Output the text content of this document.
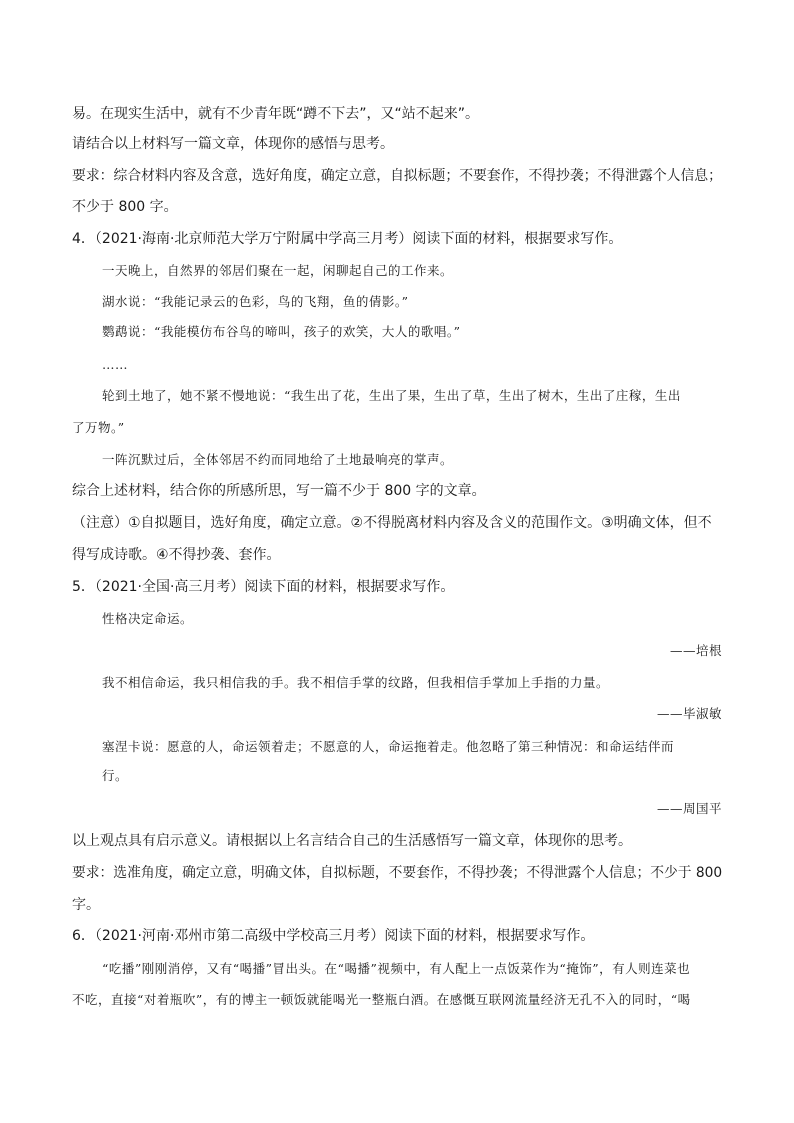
易。在现实生活中，就有不少青年既“蹲不下去”，又“站不起来”。
请结合以上材料写一篇文章，体现你的感悟与思考。
要求：综合材料内容及含意，选好角度，确定立意，自拟标题；不要套作，不得抄袭；不得泄露个人信息；
不少于 800 字。
4．（2021·海南·北京师范大学万宁附属中学高三月考）阅读下面的材料，根据要求写作。
一天晚上，自然界的邻居们聚在一起，闲聊起自己的工作来。
湖水说：“我能记录云的色彩，鸟的飞翔，鱼的倩影。”
鹦鹉说：“我能模仿布谷鸟的啼叫，孩子的欢笑，大人的歌唱。”
……
轮到土地了，她不紧不慢地说：“我生出了花，生出了果，生出了草，生出了树木，生出了庄稼，生出
了万物。”
一阵沉默过后，全体邻居不约而同地给了土地最响亮的掌声。
综合上述材料，结合你的所感所思，写一篇不少于 800 字的文章。
（注意）①自拟题目，选好角度，确定立意。②不得脱离材料内容及含义的范围作文。③明确文体，但不
得写成诗歌。④不得抄袭、套作。
5．（2021·全国·高三月考）阅读下面的材料，根据要求写作。
性格决定命运。
——培根
我不相信命运，我只相信我的手。我不相信手掌的纹路，但我相信手掌加上手指的力量。
——毕淑敏
塞涅卡说：愿意的人，命运领着走；不愿意的人，命运拖着走。他忽略了第三种情况：和命运结伴而
行。
——周国平
以上观点具有启示意义。请根据以上名言结合自己的生活感悟写一篇文章，体现你的思考。
要求：选准角度，确定立意，明确文体，自拟标题，不要套作，不得抄袭；不得泄露个人信息；不少于 800
字。
6．（2021·河南·邓州市第二高级中学校高三月考）阅读下面的材料，根据要求写作。
“吃播”刚刚消停，又有“喝播”冒出头。在“喝播”视频中，有人配上一点饭菜作为“掩饰”，有人则连菜也
不吃，直接“对着瓶吹”，有的博主一顿饭就能喝光一整瓶白酒。在感慨互联网流量经济无孔不入的同时，“喝
